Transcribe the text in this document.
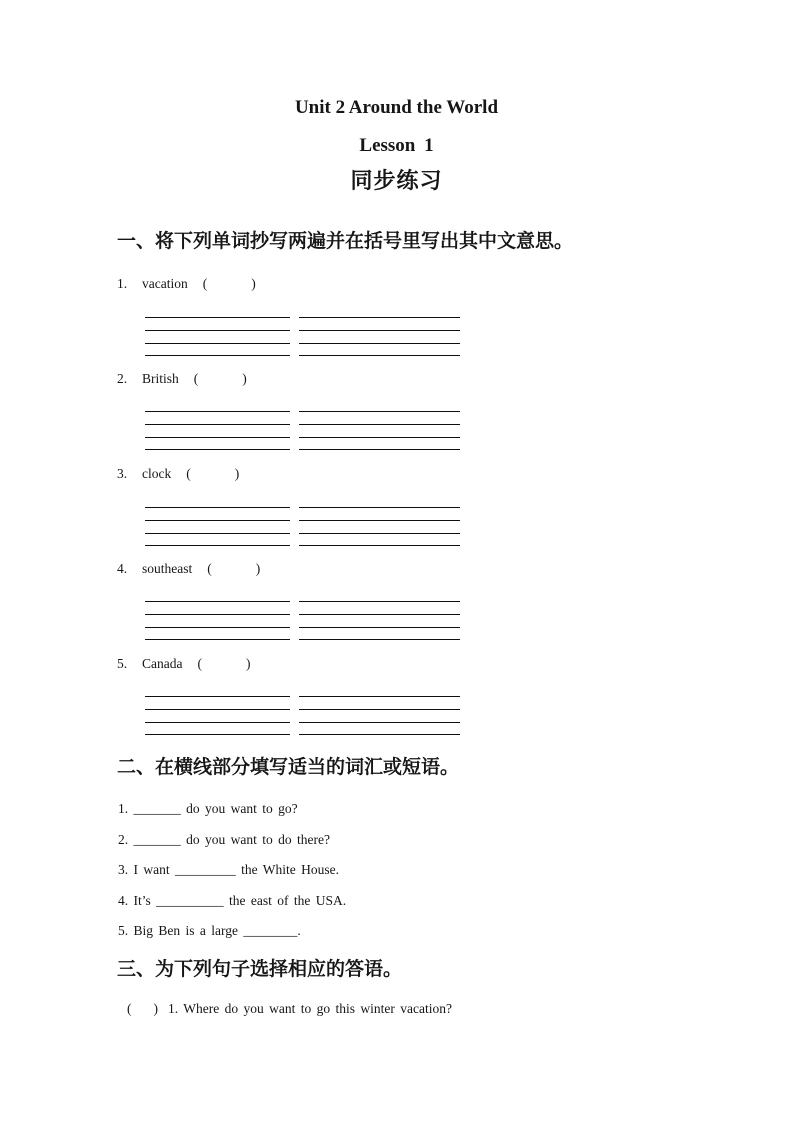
Unit 2 Around the World
Lesson 1
同步练习
一、将下列单词抄写两遍并在括号里写出其中文意思。
1.	vacation (	)
2.	British (	)
3.	clock (	)
4.	southeast (	)
5.	Canada (	)
二、在横线部分填写适当的词汇或短语。
1. _______ do you want to go?
2. _______ do you want to do there?
3. I want _________ the White House.
4. It’s __________ the east of the USA.
5. Big Ben is a large ________.
三、为下列句子选择相应的答语。
( ) 1. Where do you want to go this winter vacation?
